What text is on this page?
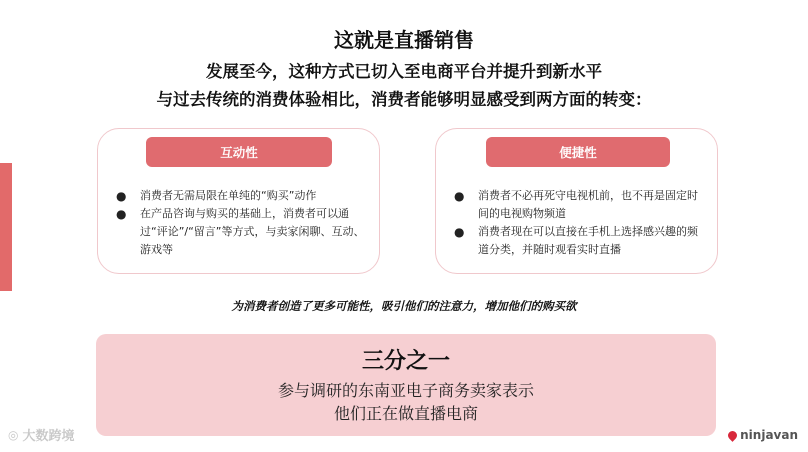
这就是直播销售
发展至今，这种方式已切入至电商平台并提升到新水平
与过去传统的消费体验相比，消费者能够明显感受到两方面的转变：
互动性
● 消费者无需局限在单纯的“购买”动作
● 在产品咨询与购买的基础上，消费者可以通过“评论”/“留言”等方式，与卖家闲聊、互动、游戏等
便捷性
● 消费者不必再死守电视机前，也不再是固定时间的电视购物频道
● 消费者现在可以直接在手机上选择感兴趣的频道分类，并随时观看实时直播
为消费者创造了更多可能性，吸引他们的注意力，增加他们的购买欲
三分之一
参与调研的东南亚电子商务卖家表示
他们正在做直播电商
◎ 大数跨境	ninjavan
